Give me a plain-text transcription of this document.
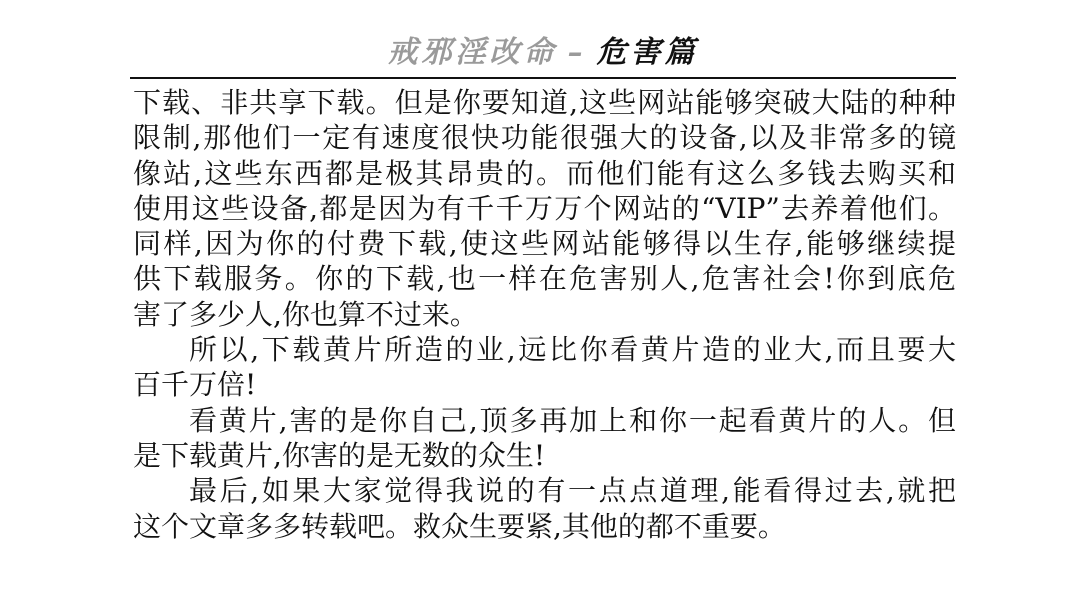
戒邪淫改命 – 危害篇
下载、非共享下载。但是你要知道,这些网站能够突破大陆的种种
限制,那他们一定有速度很快功能很强大的设备,以及非常多的镜
像站,这些东西都是极其昂贵的。而他们能有这么多钱去购买和
使用这些设备,都是因为有千千万万个网站的“VIP”去养着他们。
同样,因为你的付费下载,使这些网站能够得以生存,能够继续提
供下载服务。你的下载,也一样在危害别人,危害社会!你到底危
害了多少人,你也算不过来。
所以,下载黄片所造的业,远比你看黄片造的业大,而且要大
百千万倍!
看黄片,害的是你自己,顶多再加上和你一起看黄片的人。但
是下载黄片,你害的是无数的众生!
最后,如果大家觉得我说的有一点点道理,能看得过去,就把
这个文章多多转载吧。救众生要紧,其他的都不重要。
